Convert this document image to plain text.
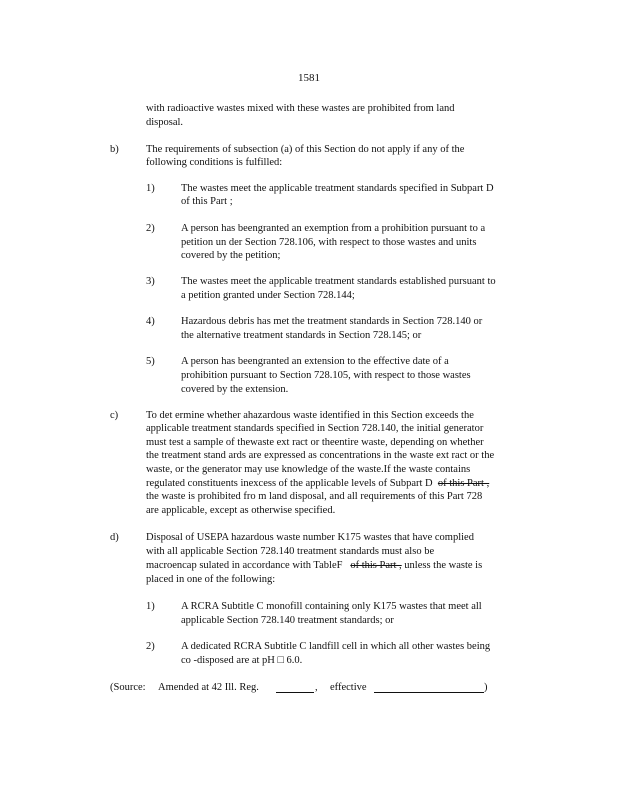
1581
with radioactive wastes mixed with these wastes are prohibited from land
disposal.
b)	The requirements of subsection (a) of this Section do not apply if any of the
following conditions is fulfilled:
1)	The wastes meet the applicable treatment standards specified in Subpart D
of this Part ;
2)	A person has beengranted an exemption from a prohibition pursuant to a
petition un der Section 728.106, with respect to those wastes and units
covered by the petition;
3)	The wastes meet the applicable treatment standards established pursuant to
a petition granted under Section 728.144;
4)	Hazardous debris has met the treatment standards in Section 728.140 or
the alternative treatment standards in Section 728.145; or
5)	A person has beengranted an extension to the effective date of a
prohibition pursuant to Section 728.105, with respect to those wastes
covered by the extension.
c)	To det ermine whether ahazardous waste identified in this Section exceeds the
applicable treatment standards specified in Section 728.140, the initial generator
must test a sample of thewaste ext ract or theentire waste, depending on whether
the treatment stand ards are expressed as concentrations in the waste ext ract or the
waste, or the generator may use knowledge of the waste.If the waste contains
regulated constituents inexcess of the applicable levels of Subpart D of this Part ,
the waste is prohibited fro m land disposal, and all requirements of this Part 728
are applicable, except as otherwise specified.
d)	Disposal of USEPA hazardous waste number K175 wastes that have complied
with all applicable Section 728.140 treatment standards must also be
macroencap sulated in accordance with TableF of this Part , unless the waste is
placed in one of the following:
1)	A RCRA Subtitle C monofill containing only K175 wastes that meet all
applicable Section 728.140 treatment standards; or
2)	A dedicated RCRA Subtitle C landfill cell in which all other wastes being
co -disposed are at pH □ 6.0.
(Source: Amended at 42 Ill. Reg.	, effective	)
